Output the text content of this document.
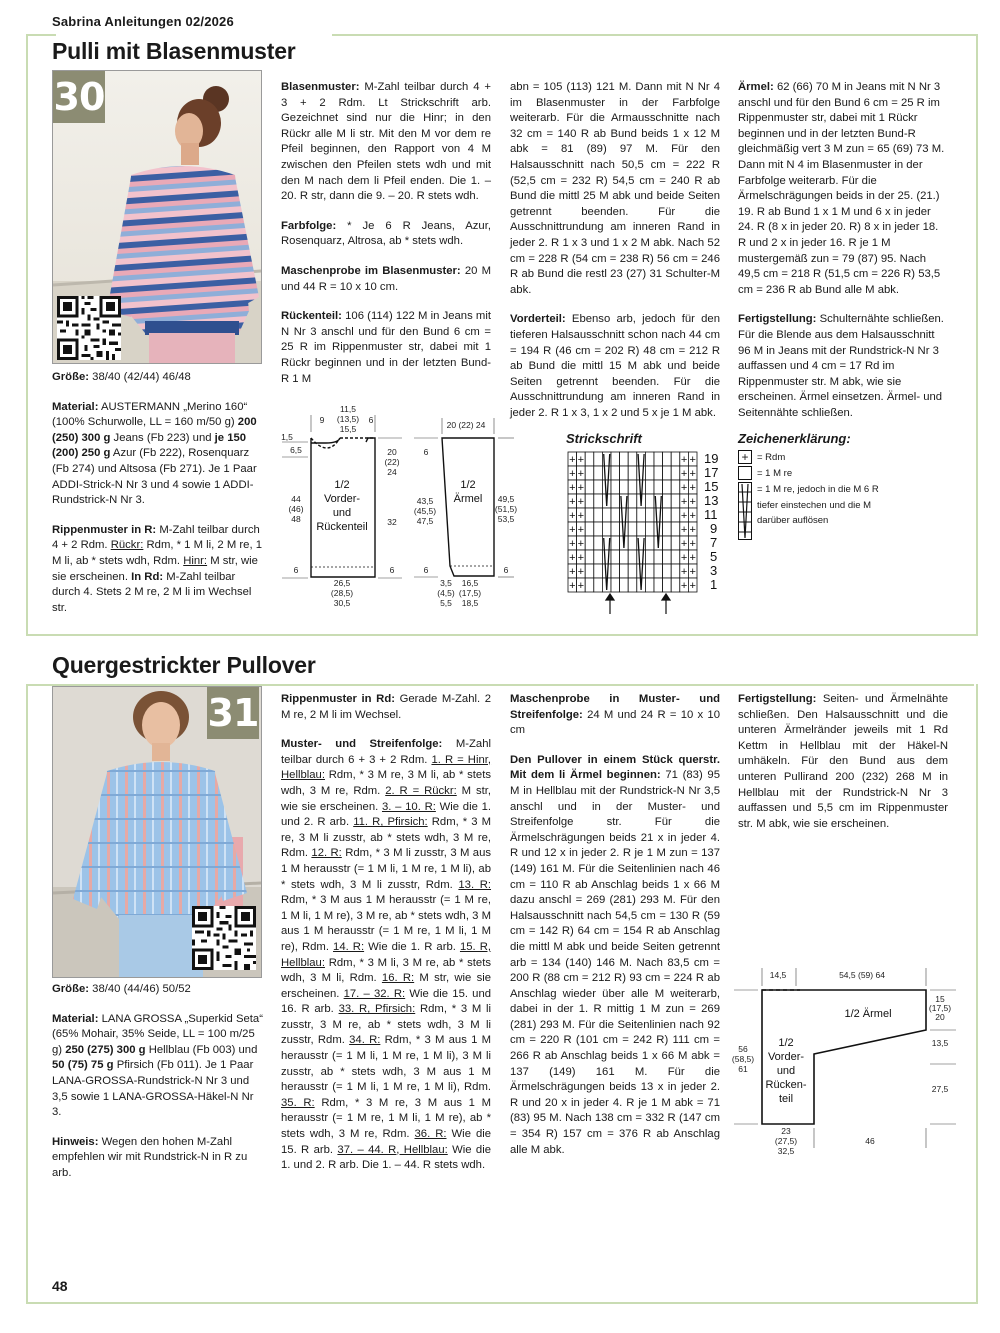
Sabrina Anleitungen 02/2026
Pulli mit Blasenmuster
30

Größe: 38/40 (42/44) 46/48

Material: AUSTERMANN „Merino 160“ (100% Schurwolle, LL = 160 m/50 g) 200 (250) 300 g Jeans (Fb 223) und je 150 (200) 250 g Azur (Fb 222), Rosenquarz (Fb 274) und Altsosa (Fb 271). Je 1 Paar ADDI-Strick-N Nr 3 und 4 sowie 1 ADDI-Rundstrick-N Nr 3.

Rippenmuster in R: M-Zahl teilbar durch 4 + 2 Rdm. Rückr: Rdm, * 1 M li, 2 M re, 1 M li, ab * stets wdh, Rdm. Hinr: M str, wie sie erscheinen. In Rd: M-Zahl teilbar durch 4. Stets 2 M re, 2 M li im Wechsel str.

Blasenmuster: M-Zahl teilbar durch 4 + 3 + 2 Rdm. Lt Strickschrift arb. Gezeichnet sind nur die Hinr; in den Rückr alle M li str. Mit den M vor dem re Pfeil beginnen, den Rapport von 4 M zwischen den Pfeilen stets wdh und mit den M nach dem li Pfeil enden. Die 1. – 20. R str, dann die 9. – 20. R stets wdh.

Farbfolge: * Je 6 R Jeans, Azur, Rosenquarz, Altrosa, ab * stets wdh.

Maschenprobe im Blasenmuster: 20 M und 44 R = 10 x 10 cm.

Rückenteil: 106 (114) 122 M in Jeans mit N Nr 3 anschl und für den Bund 6 cm = 25 R im Rippenmuster str, dabei mit 1 Rückr beginnen und in der letzten Bund-R 1 M

abn = 105 (113) 121 M. Dann mit N Nr 4 im Blasenmuster in der Farbfolge weiterarb. Für die Armausschnitte nach 32 cm = 140 R ab Bund beids 1 x 12 M abk = 81 (89) 97 M. Für den Halsausschnitt nach 50,5 cm = 222 R (52,5 cm = 232 R) 54,5 cm = 240 R ab Bund die mittl 25 M abk und beide Seiten getrennt beenden. Für die Ausschnittrundung am inneren Rand in jeder 2. R 1 x 3 und 1 x 2 M abk. Nach 52 cm = 228 R (54 cm = 238 R) 56 cm = 246 R ab Bund die restl 23 (27) 31 Schulter-M abk.

Vorderteil: Ebenso arb, jedoch für den tieferen Halsausschnitt schon nach 44 cm = 194 R (46 cm = 202 R) 48 cm = 212 R ab Bund die mittl 15 M abk und beide Seiten getrennt beenden. Für die Ausschnittrundung am inneren Rand in jeder 2. R 1 x 3, 1 x 2 und 5 x je 1 M abk.

Ärmel: 62 (66) 70 M in Jeans mit N Nr 3 anschl und für den Bund 6 cm = 25 R im Rippenmuster str, dabei mit 1 Rückr beginnen und in der letzten Bund-R gleichmäßig vert 3 M zun = 65 (69) 73 M. Dann mit N 4 im Blasenmuster in der Farbfolge weiterarb. Für die Ärmelschrägungen beids in der 25. (21.) 19. R ab Bund 1 x 1 M und 6 x in jeder 24. R (8 x in jeder 20. R) 8 x in jeder 18. R und 2 x in jeder 16. R je 1 M mustergemäß zun = 79 (87) 95. Nach 49,5 cm = 218 R (51,5 cm = 226 R) 53,5 cm = 236 R ab Bund alle M abk.

Fertigstellung: Schulternähte schließen. Für die Blende aus dem Halsausschnitt 96 M in Jeans mit der Rundstrick-N Nr 3 auffassen und 4 cm = 17 Rd im Rippenmuster str. M abk, wie sie erscheinen. Ärmel einsetzen. Ärmel- und Seitennähte schließen.

11,5
(13,5)
15,5
9	6
1,5
6,5
44
(46)
48
20
(22)
24
32
6	6
26,5
(28,5)
30,5
1/2
Vorder-
und
Rückenteil
20 (22) 24
6
43,5
(45,5)
47,5
49,5
(51,5)
53,5
6	6
3,5
(4,5)
5,5
16,5
(17,5)
18,5
1/2
Ärmel
Strickschrift
+ +	+ +
+ +	+ +
+ +	+ +
+ +	+ +
+ +	+ +
+ +	+ +
+ +	+ +
+ +	+ +
+ +	+ +
+ +	+ +
19
17
15
13
11
9
7
5
3
1
Zeichenerklärung:
+ = Rdm
= 1 M re
= 1 M re, jedoch in die M 6 R tiefer einstechen und die M darüber auflösen
Quergestrickter Pullover
31

Größe: 38/40 (44/46) 50/52

Material: LANA GROSSA „Superkid Seta“ (65% Mohair, 35% Seide, LL = 100 m/25 g) 250 (275) 300 g Hellblau (Fb 003) und 50 (75) 75 g Pfirsich (Fb 011). Je 1 Paar LANA-GROSSA-Rundstrick-N Nr 3 und 3,5 sowie 1 LANA-GROSSA-Häkel-N Nr 3.

Hinweis: Wegen den hohen M-Zahl empfehlen wir mit Rundstrick-N in R zu arb.

Rippenmuster in Rd: Gerade M-Zahl. 2 M re, 2 M li im Wechsel.

Muster- und Streifenfolge: M-Zahl teilbar durch 6 + 3 + 2 Rdm. 1. R = Hinr, Hellblau: Rdm, * 3 M re, 3 M li, ab * stets wdh, 3 M re, Rdm. 2. R = Rückr: M str, wie sie erscheinen. 3. – 10. R: Wie die 1. und 2. R arb. 11. R, Pfirsich: Rdm, * 3 M re, 3 M li zusstr, ab * stets wdh, 3 M re, Rdm. 12. R: Rdm, * 3 M li zusstr, 3 M aus 1 M herausstr (= 1 M li, 1 M re, 1 M li), ab * stets wdh, 3 M li zusstr, Rdm. 13. R: Rdm, * 3 M aus 1 M herausstr (= 1 M re, 1 M li, 1 M re), 3 M re, ab * stets wdh, 3 M aus 1 M herausstr (= 1 M re, 1 M li, 1 M re), Rdm. 14. R: Wie die 1. R arb. 15. R, Hellblau: Rdm, * 3 M li, 3 M re, ab * stets wdh, 3 M li, Rdm. 16. R: M str, wie sie erscheinen. 17. – 32. R: Wie die 15. und 16. R arb. 33. R, Pfirsich: Rdm, * 3 M li zusstr, 3 M re, ab * stets wdh, 3 M li zusstr, Rdm. 34. R: Rdm, * 3 M aus 1 M herausstr (= 1 M li, 1 M re, 1 M li), 3 M li zusstr, ab * stets wdh, 3 M aus 1 M herausstr (= 1 M li, 1 M re, 1 M li), Rdm. 35. R: Rdm, * 3 M re, 3 M aus 1 M herausstr (= 1 M re, 1 M li, 1 M re), ab * stets wdh, 3 M re, Rdm. 36. R: Wie die 15. R arb. 37. – 44. R, Hellblau: Wie die 1. und 2. R arb. Die 1. – 44. R stets wdh.

Maschenprobe in Muster- und Streifenfolge: 24 M und 24 R = 10 x 10 cm

Den Pullover in einem Stück querstr. Mit dem li Ärmel beginnen: 71 (83) 95 M in Hellblau mit der Rundstrick-N Nr 3,5 anschl und in der Muster- und Streifenfolge str. Für die Ärmelschrägungen beids 21 x in jeder 4. R und 12 x in jeder 2. R je 1 M zun = 137 (149) 161 M. Für die Seitenlinien nach 46 cm = 110 R ab Anschlag beids 1 x 66 M dazu anschl = 269 (281) 293 M. Für den Halsausschnitt nach 54,5 cm = 130 R (59 cm = 142 R) 64 cm = 154 R ab Anschlag die mittl M abk und beide Seiten getrennt arb = 134 (140) 146 M. Nach 83,5 cm = 200 R (88 cm = 212 R) 93 cm = 224 R ab Anschlag wieder über alle M weiterarb, dabei in der 1. R mittig 1 M zun = 269 (281) 293 M. Für die Seitenlinien nach 92 cm = 220 R (101 cm = 242 R) 111 cm = 266 R ab Anschlag beids 1 x 66 M abk = 137 (149) 161 M. Für die Ärmelschrägungen beids 13 x in jeder 2. R und 20 x in jeder 4. R je 1 M abk = 71 (83) 95 M. Nach 138 cm = 332 R (147 cm = 354 R) 157 cm = 376 R ab Anschlag alle M abk.

Fertigstellung: Seiten- und Ärmelnähte schließen. Den Halsausschnitt und die unteren Ärmelränder jeweils mit 1 Rd Kettm in Hellblau mit der Häkel-N umhäkeln. Für den Bund aus dem unteren Pullirand 200 (232) 268 M in Hellblau mit der Rundstrick-N Nr 3 auffassen und 5,5 cm im Rippenmuster str. M abk, wie sie erscheinen.

14,5	54,5 (59) 64
15
(17,5)
20
13,5
27,5
56
(58,5)
61
23
(27,5)
32,5
46
1/2 Ärmel
1/2
Vorder-
und
Rücken-
teil
48
